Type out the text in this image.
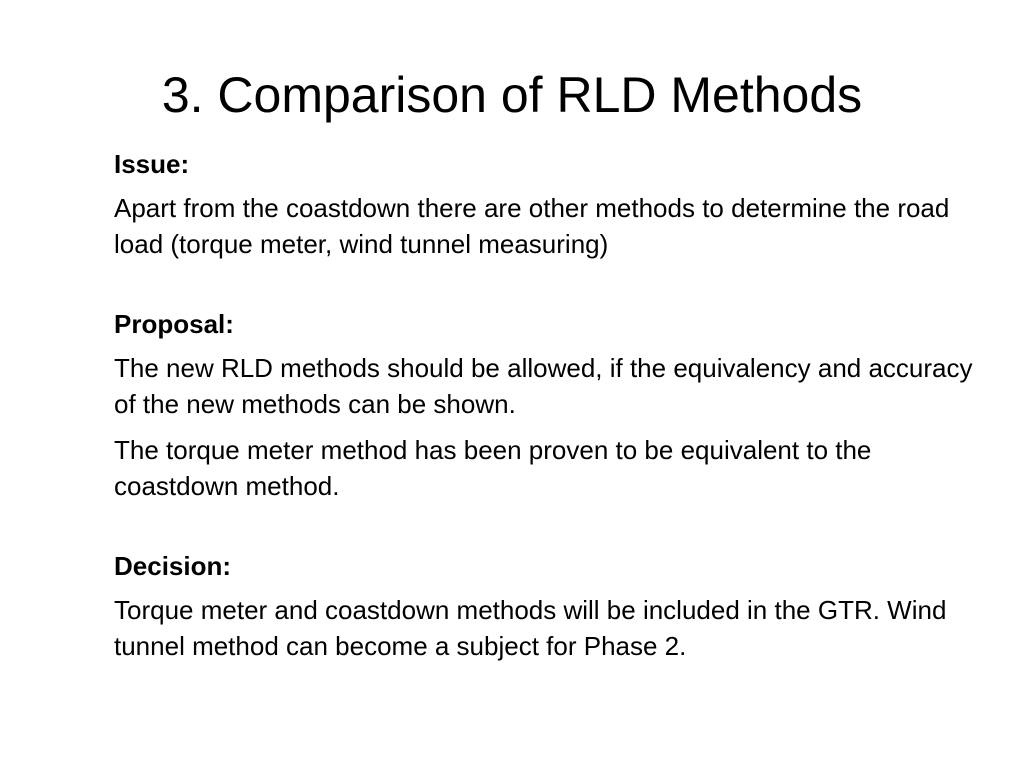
3. Comparison of RLD Methods
Issue:
Apart from the coastdown there are other methods to determine the road load (torque meter, wind tunnel measuring)
Proposal:
The new RLD methods should be allowed, if the equivalency and accuracy of the new methods can be shown.
The torque meter method has been proven to be equivalent to the coastdown method.
Decision:
Torque meter and coastdown methods will be included in the GTR. Wind tunnel method can become a subject for Phase 2.
